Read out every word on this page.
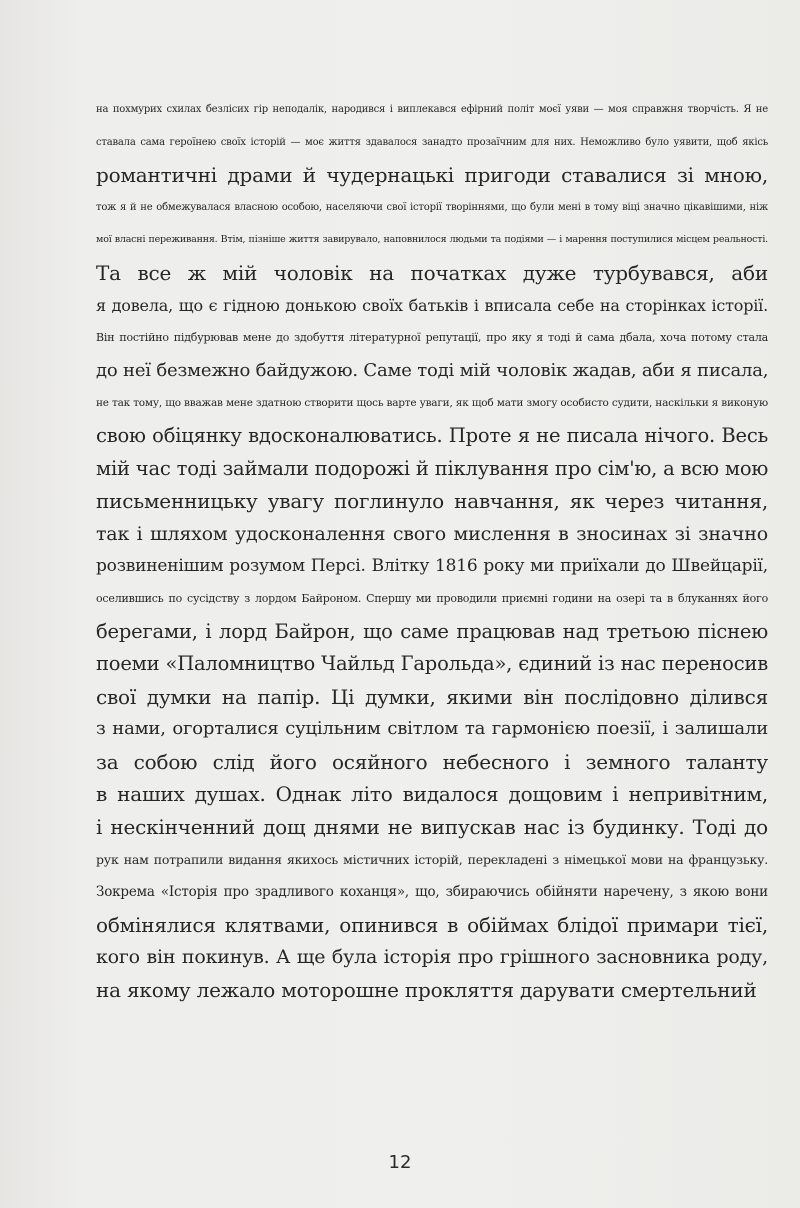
на похмурих схилах безлісих гір неподалік, народився і виплекався ефірний політ моєї уяви — моя справжня творчість. Я не
ставала сама героїнею своїх історій — моє життя здавалося занадто прозаїчним для них. Неможливо було уявити, щоб якісь
романтичні драми й чудернацькі пригоди ставалися зі мною,
тож я й не обмежувалася власною особою, населяючи свої історії творіннями, що були мені в тому віці значно цікавішими, ніж
мої власні переживання. Втім, пізніше життя завирувало, наповнилося людьми та подіями — і марення поступилися місцем реальності.
Та все ж мій чоловік на початках дуже турбувався, аби
я довела, що є гідною донькою своїх батьків і вписала себе на сторінках історії.
Він постійно підбурював мене до здобуття літературної репутації, про яку я тоді й сама дбала, хоча потому стала
до неї безмежно байдужою. Саме тоді мій чоловік жадав, аби я писала,
не так тому, що вважав мене здатною створити щось варте уваги, як щоб мати змогу особисто судити, наскільки я виконую
свою обіцянку вдосконалюватись. Проте я не писала нічого. Весь
мій час тоді займали подорожі й піклування про сім'ю, а всю мою
письменницьку увагу поглинуло навчання, як через читання,
так і шляхом удосконалення свого мислення в зносинах зі значно
розвиненішим розумом Персі. Влітку 1816 року ми приїхали до Швейцарії,
оселившись по сусідству з лордом Байроном. Спершу ми проводили приємні години на озері та в блуканнях його
берегами, і лорд Байрон, що саме працював над третьою піснею
поеми «Паломництво Чайльд Гарольда», єдиний із нас переносив
свої думки на папір. Ці думки, якими він послідовно ділився
з нами, огорталися суцільним світлом та гармонією поезії, і залишали
за собою слід його осяйного небесного і земного таланту
в наших душах. Однак літо видалося дощовим і непривітним,
і нескінченний дощ днями не випускав нас із будинку. Тоді до
рук нам потрапили видання якихось містичних історій, перекладені з німецької мови на французьку.
Зокрема «Історія про зрадливого коханця», що, збираючись обійняти наречену, з якою вони
обмінялися клятвами, опинився в обіймах блідої примари тієї,
кого він покинув. А ще була історія про грішного засновника роду,
на якому лежало моторошне прокляття дарувати смертельний
12
